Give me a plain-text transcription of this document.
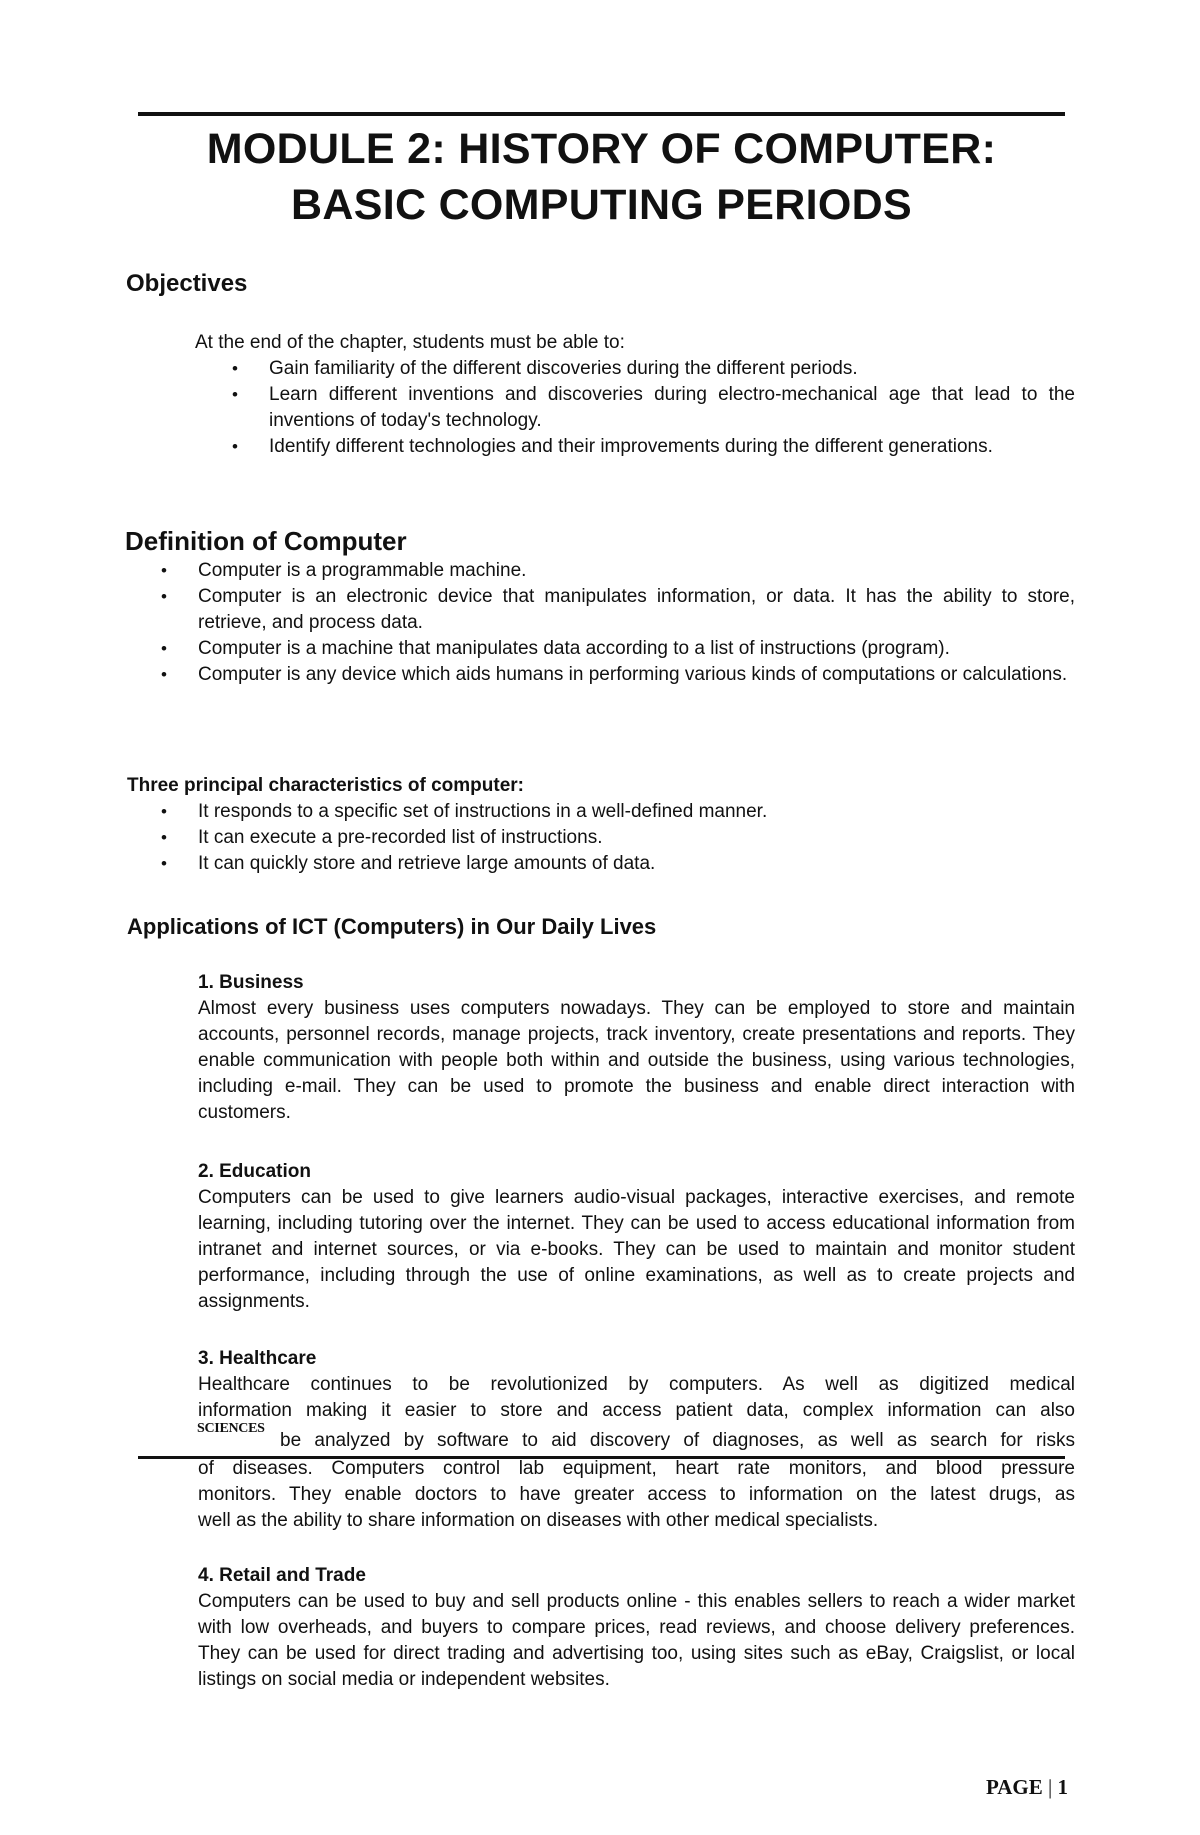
MODULE 2: HISTORY OF COMPUTER:
BASIC COMPUTING PERIODS
Objectives
At the end of the chapter, students must be able to:
• Gain familiarity of the different discoveries during the different periods.
• Learn different inventions and discoveries during electro-mechanical age that lead to the inventions of today's technology.
• Identify different technologies and their improvements during the different generations.
Definition of Computer
• Computer is a programmable machine.
• Computer is an electronic device that manipulates information, or data. It has the ability to store, retrieve, and process data.
• Computer is a machine that manipulates data according to a list of instructions (program).
• Computer is any device which aids humans in performing various kinds of computations or calculations.
Three principal characteristics of computer:
• It responds to a specific set of instructions in a well-defined manner.
• It can execute a pre-recorded list of instructions.
• It can quickly store and retrieve large amounts of data.
Applications of ICT (Computers) in Our Daily Lives
1. Business
Almost every business uses computers nowadays. They can be employed to store and maintain accounts, personnel records, manage projects, track inventory, create presentations and reports. They enable communication with people both within and outside the business, using various technologies, including e-mail. They can be used to promote the business and enable direct interaction with customers.
2. Education
Computers can be used to give learners audio-visual packages, interactive exercises, and remote learning, including tutoring over the internet. They can be used to access educational information from intranet and internet sources, or via e-books. They can be used to maintain and monitor student performance, including through the use of online examinations, as well as to create projects and assignments.
3. Healthcare
Healthcare continues to be revolutionized by computers. As well as digitized medical
information making it easier to store and access patient data, complex information can also
SCIENCES
be analyzed by software to aid discovery of diagnoses, as well as search for risks
of diseases. Computers control lab equipment, heart rate monitors, and blood pressure
monitors. They enable doctors to have greater access to information on the latest drugs, as
well as the ability to share information on diseases with other medical specialists.
4. Retail and Trade
Computers can be used to buy and sell products online - this enables sellers to reach a wider market with low overheads, and buyers to compare prices, read reviews, and choose delivery preferences. They can be used for direct trading and advertising too, using sites such as eBay, Craigslist, or local listings on social media or independent websites.
PAGE | 1
